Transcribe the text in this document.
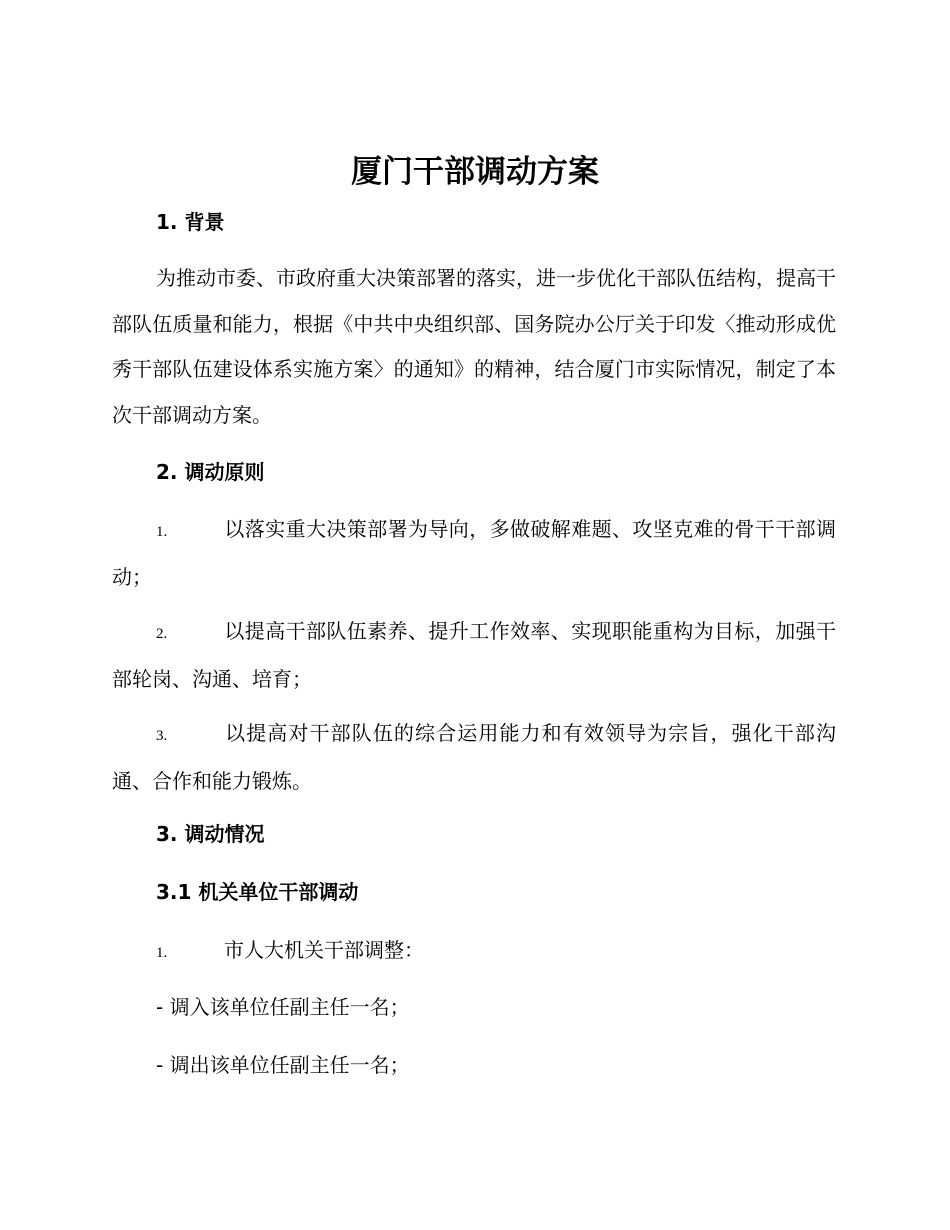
厦门干部调动方案
1. 背景

为推动市委、市政府重大决策部署的落实，进一步优化干部队伍结构，提高干部队伍质量和能力，根据《中共中央组织部、国务院办公厅关于印发〈推动形成优秀干部队伍建设体系实施方案〉的通知》的精神，结合厦门市实际情况，制定了本次干部调动方案。

2. 调动原则

1.	以落实重大决策部署为导向，多做破解难题、攻坚克难的骨干干部调动；

2.	以提高干部队伍素养、提升工作效率、实现职能重构为目标，加强干部轮岗、沟通、培育；

3.	以提高对干部队伍的综合运用能力和有效领导为宗旨，强化干部沟通、合作和能力锻炼。

3. 调动情况
3.1 机关单位干部调动

1.	市人大机关干部调整：

- 调入该单位任副主任一名；
- 调出该单位任副主任一名；
